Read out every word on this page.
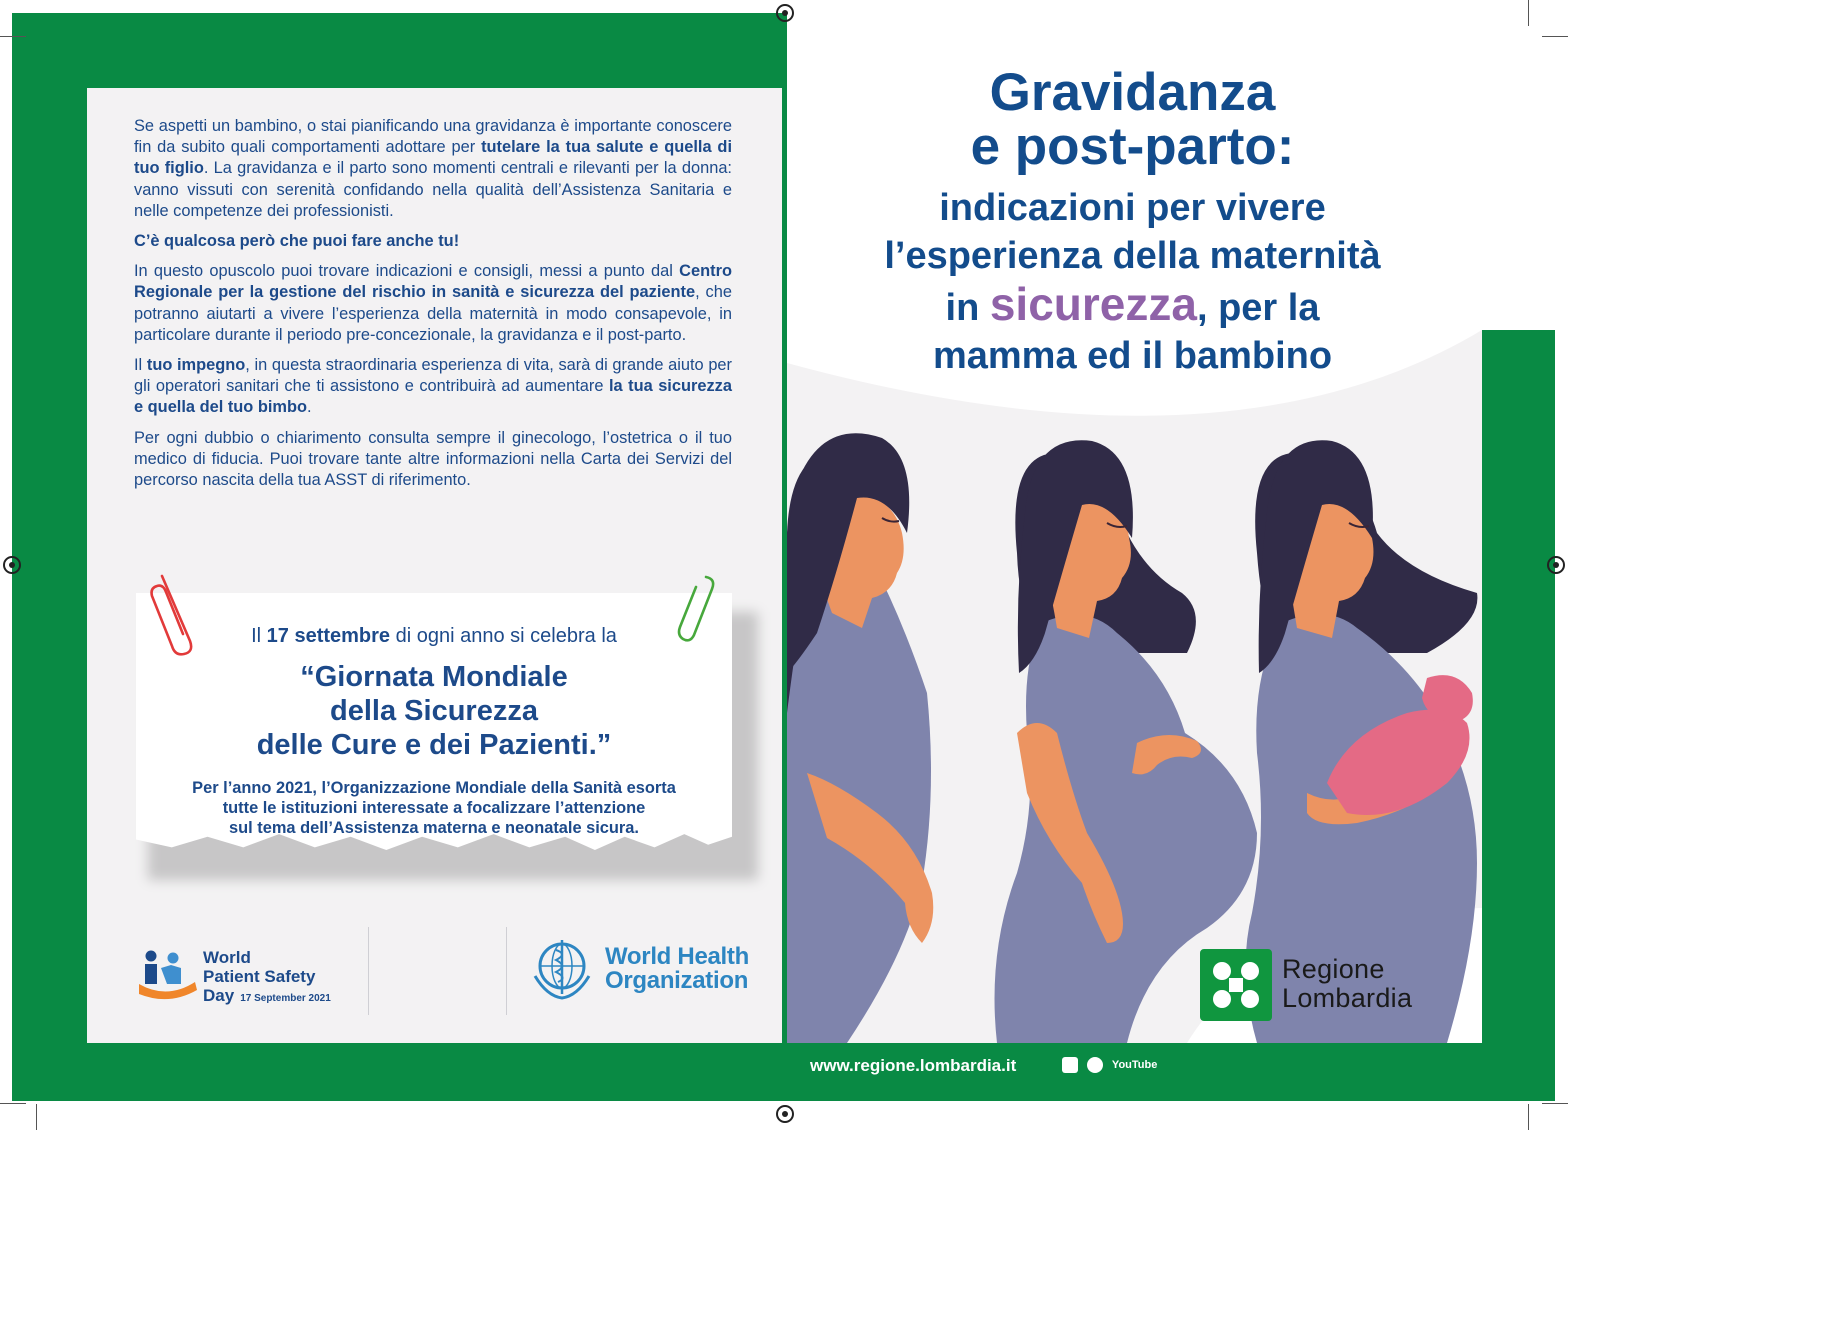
Se aspetti un bambino, o stai pianificando una gravidanza è importante conoscere fin da subito quali comportamenti adottare per tutelare la tua salute e quella di tuo figlio. La gravidanza e il parto sono momenti centrali e rilevanti per la donna: vanno vissuti con serenità confidando nella qualità dell’Assistenza Sanitaria e nelle competenze dei professionisti.

C’è qualcosa però che puoi fare anche tu!

In questo opuscolo puoi trovare indicazioni e consigli, messi a punto dal Centro Regionale per la gestione del rischio in sanità e sicurezza del paziente, che potranno aiutarti a vivere l’esperienza della maternità in modo consapevole, in particolare durante il periodo pre-concezionale, la gravidanza e il post-parto.

Il tuo impegno, in questa straordinaria esperienza di vita, sarà di grande aiuto per gli operatori sanitari che ti assistono e contribuirà ad aumentare la tua sicurezza e quella del tuo bimbo.

Per ogni dubbio o chiarimento consulta sempre il ginecologo, l’ostetrica o il tuo medico di fiducia. Puoi trovare tante altre informazioni nella Carta dei Servizi del percorso nascita della tua ASST di riferimento.

Il 17 settembre di ogni anno si celebra la
“Giornata Mondiale
della Sicurezza
delle Cure e dei Pazienti.”
Per l’anno 2021, l’Organizzazione Mondiale della Sanità esorta
tutte le istituzioni interessate a focalizzare l’attenzione
sul tema dell’Assistenza materna e neonatale sicura.
World
Patient Safety
Day 17 September 2021
World Health
Organization
Gravidanza
e post-parto:
indicazioni per vivere
l’esperienza della maternità
in sicurezza, per la
mamma ed il bambino
Regione
Lombardia
www.regione.lombardia.it	YouTube
